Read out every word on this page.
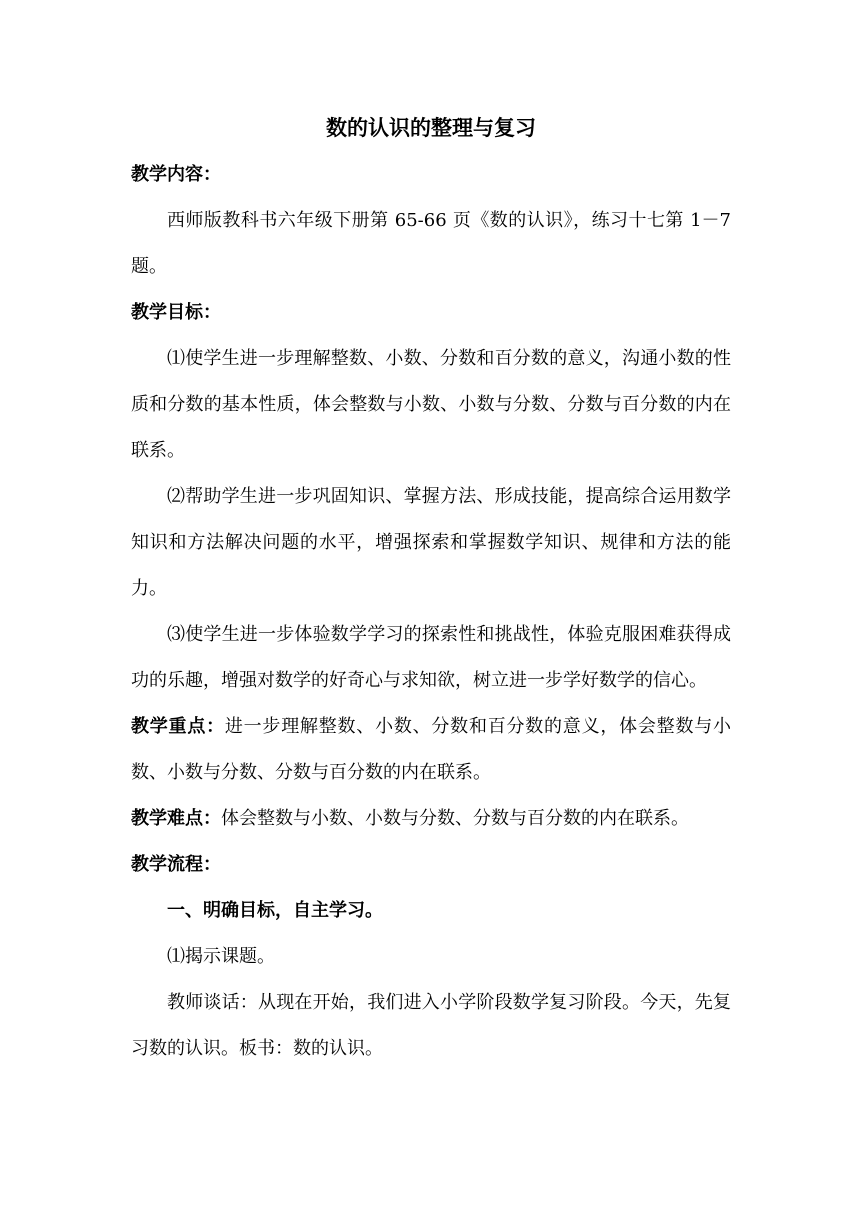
数的认识的整理与复习

教学内容：

西师版教科书六年级下册第 65-66 页《数的认识》，练习十七第 1－7 题。

教学目标：

⑴使学生进一步理解整数、小数、分数和百分数的意义，沟通小数的性质和分数的基本性质，体会整数与小数、小数与分数、分数与百分数的内在联系。

⑵帮助学生进一步巩固知识、掌握方法、形成技能，提高综合运用数学知识和方法解决问题的水平，增强探索和掌握数学知识、规律和方法的能力。

⑶使学生进一步体验数学学习的探索性和挑战性，体验克服困难获得成功的乐趣，增强对数学的好奇心与求知欲，树立进一步学好数学的信心。

教学重点：进一步理解整数、小数、分数和百分数的意义，体会整数与小数、小数与分数、分数与百分数的内在联系。

教学难点：体会整数与小数、小数与分数、分数与百分数的内在联系。

教学流程：

一、明确目标，自主学习。

⑴揭示课题。

教师谈话：从现在开始，我们进入小学阶段数学复习阶段。今天，先复习数的认识。板书：数的认识。
